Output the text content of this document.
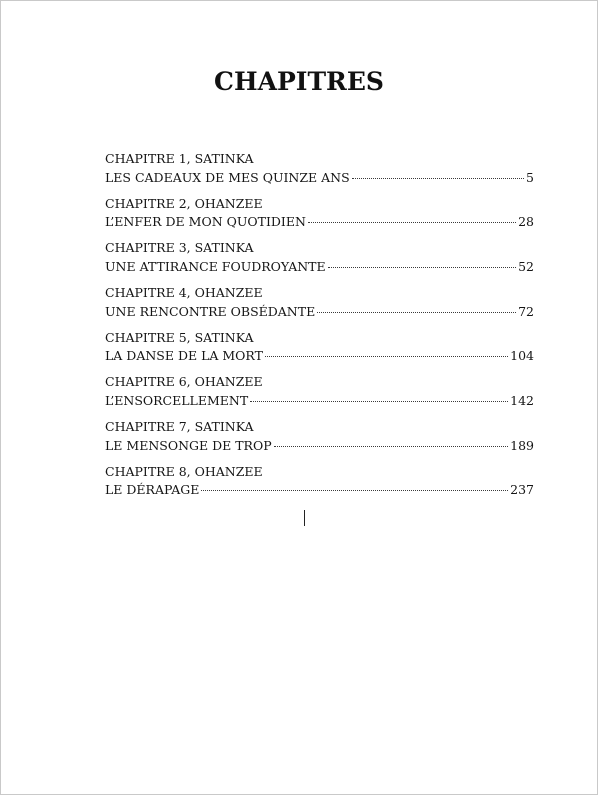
CHAPITRES
CHAPITRE 1, SATINKA
LES CADEAUX DE MES QUINZE ANS	5
CHAPITRE 2, OHANZEE
L’ENFER DE MON QUOTIDIEN	28
CHAPITRE 3, SATINKA
UNE ATTIRANCE FOUDROYANTE	52
CHAPITRE 4, OHANZEE
UNE RENCONTRE OBSÉDANTE	72
CHAPITRE 5, SATINKA
LA DANSE DE LA MORT	104
CHAPITRE 6, OHANZEE
L’ENSORCELLEMENT	142
CHAPITRE 7, SATINKA
LE MENSONGE DE TROP	189
CHAPITRE 8, OHANZEE
LE DÉRAPAGE	237
